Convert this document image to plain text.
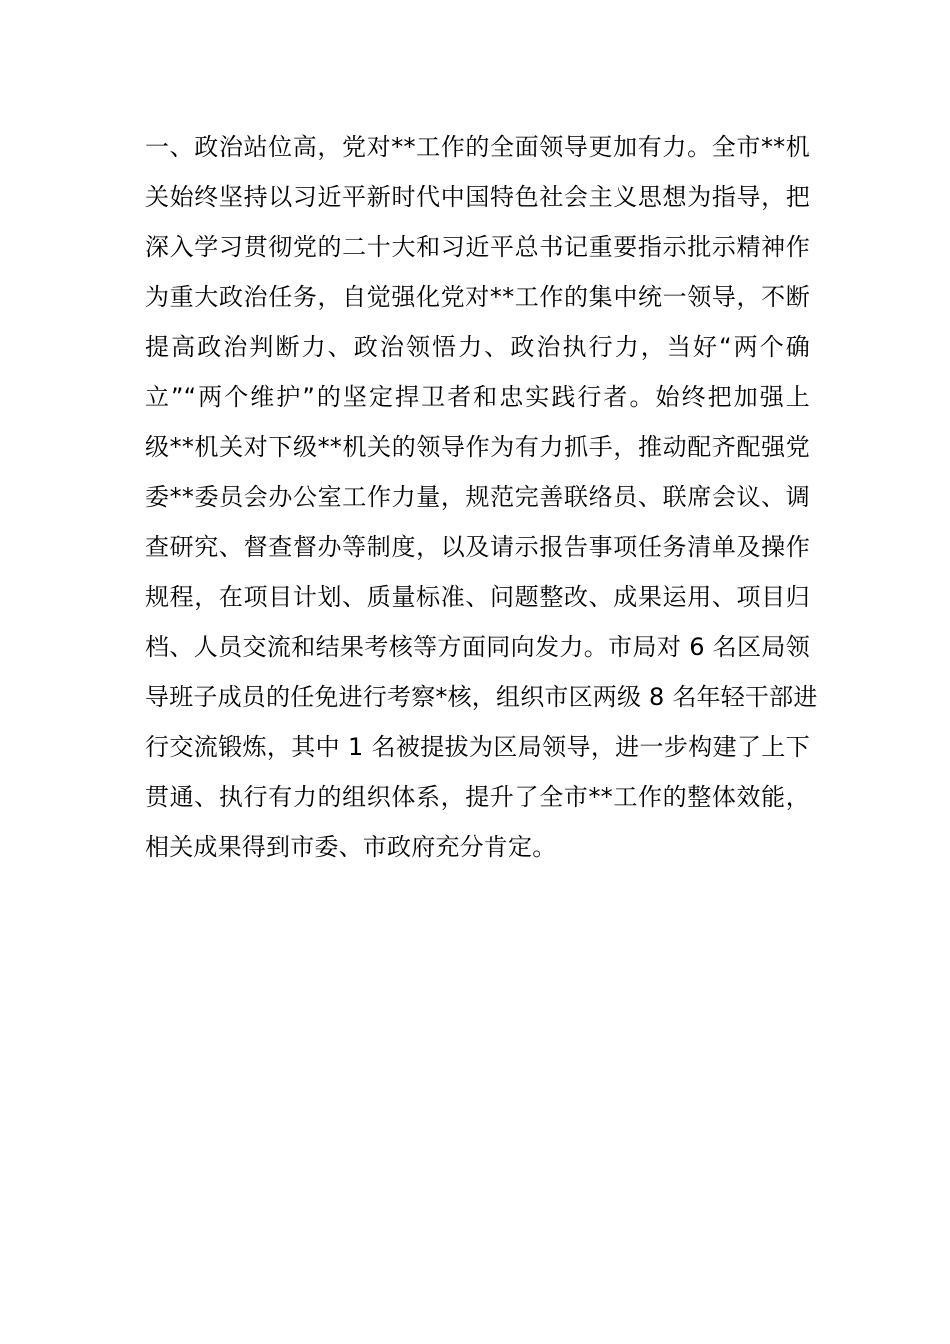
一、政治站位高，党对**工作的全面领导更加有力。全市**机
关始终坚持以习近平新时代中国特色社会主义思想为指导，把
深入学习贯彻党的二十大和习近平总书记重要指示批示精神作
为重大政治任务，自觉强化党对**工作的集中统一领导，不断
提高政治判断力、政治领悟力、政治执行力，当好“两个确
立”“两个维护”的坚定捍卫者和忠实践行者。始终把加强上
级**机关对下级**机关的领导作为有力抓手，推动配齐配强党
委**委员会办公室工作力量，规范完善联络员、联席会议、调
查研究、督查督办等制度，以及请示报告事项任务清单及操作
规程，在项目计划、质量标准、问题整改、成果运用、项目归
档、人员交流和结果考核等方面同向发力。市局对 6 名区局领
导班子成员的任免进行考察*核，组织市区两级 8 名年轻干部进
行交流锻炼，其中 1 名被提拔为区局领导，进一步构建了上下
贯通、执行有力的组织体系，提升了全市**工作的整体效能，
相关成果得到市委、市政府充分肯定。
